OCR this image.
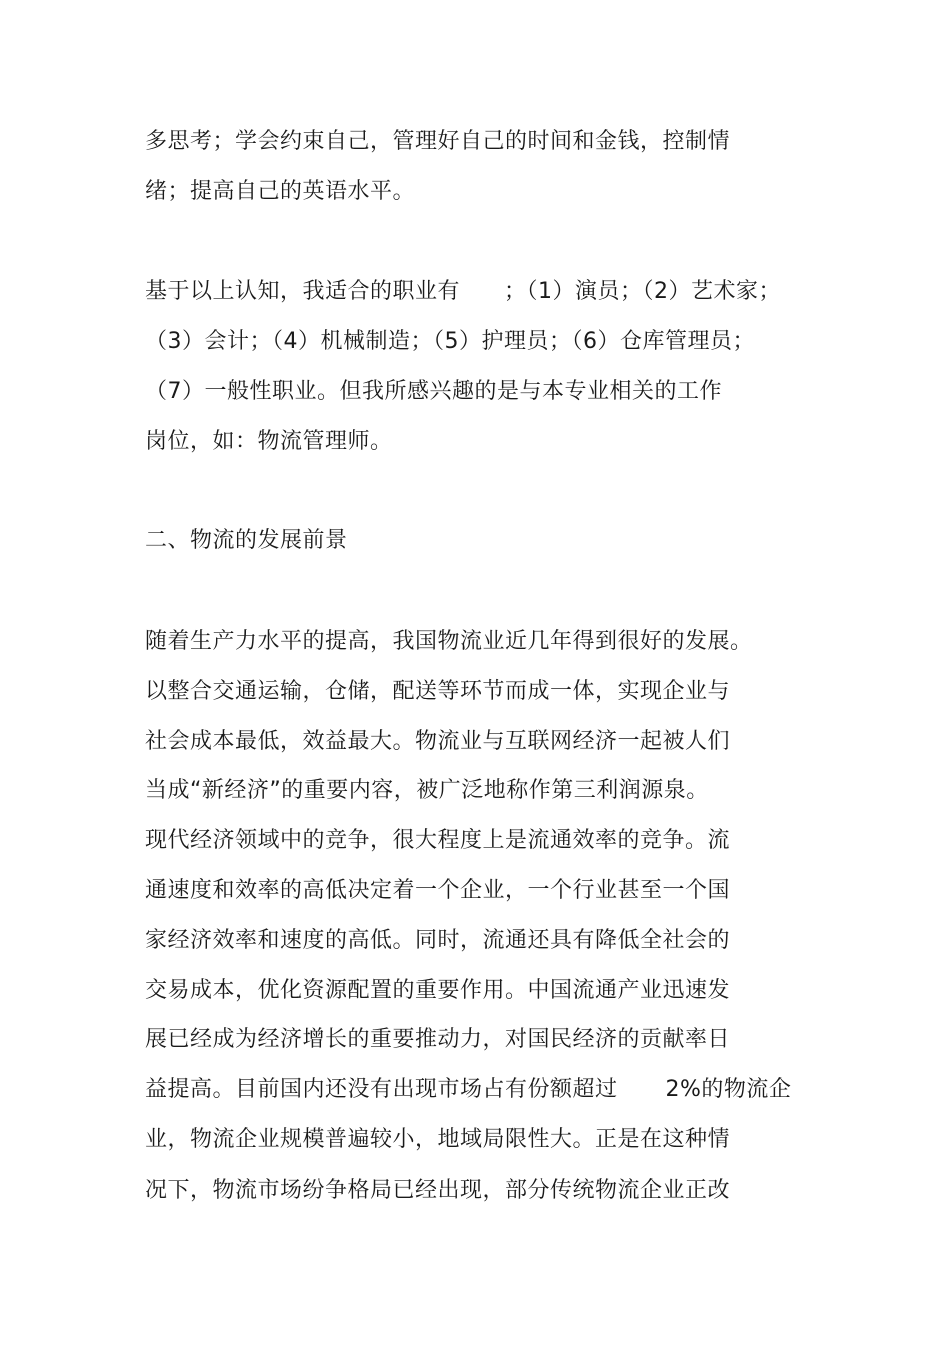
多思考；学会约束自己，管理好自己的时间和金钱，控制情
绪；提高自己的英语水平。
基于以上认知，我适合的职业有 ；（1）演员；（2）艺术家；
（3）会计；（4）机械制造；（5）护理员；（6）仓库管理员；
（7）一般性职业。但我所感兴趣的是与本专业相关的工作
岗位，如：物流管理师。
二、物流的发展前景
随着生产力水平的提高，我国物流业近几年得到很好的发展。
以整合交通运输，仓储，配送等环节而成一体，实现企业与
社会成本最低，效益最大。物流业与互联网经济一起被人们
当成“新经济”的重要内容，被广泛地称作第三利润源泉。
现代经济领域中的竞争，很大程度上是流通效率的竞争。流
通速度和效率的高低决定着一个企业，一个行业甚至一个国
家经济效率和速度的高低。同时，流通还具有降低全社会的
交易成本，优化资源配置的重要作用。中国流通产业迅速发
展已经成为经济增长的重要推动力，对国民经济的贡献率日
益提高。目前国内还没有出现市场占有份额超过 2%的物流企
业，物流企业规模普遍较小，地域局限性大。正是在这种情
况下，物流市场纷争格局已经出现，部分传统物流企业正改
